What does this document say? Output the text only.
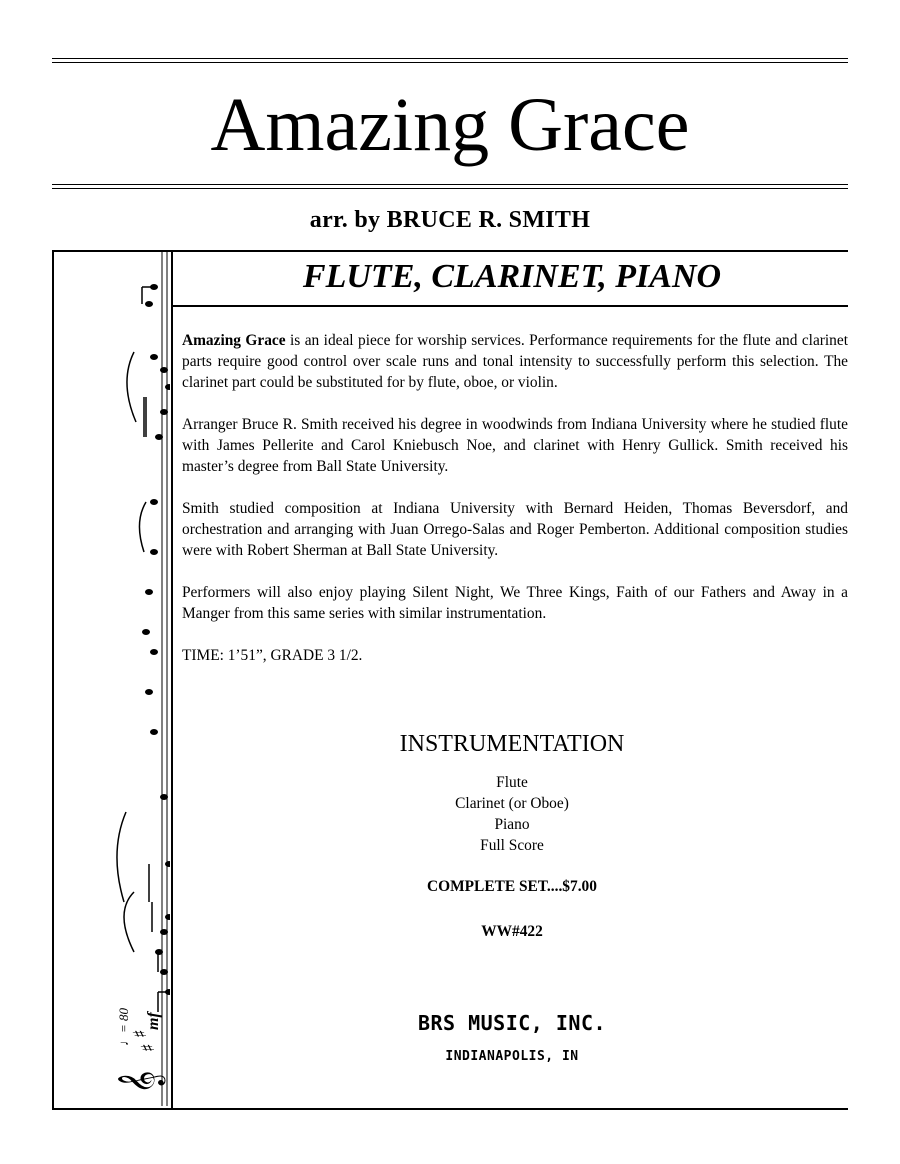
Amazing Grace
arr. by BRUCE R. SMITH
FLUTE, CLARINET, PIANO
𝄞
♯
♯
♩= 80 mf

Amazing Grace is an ideal piece for worship services. Performance requirements for the flute and clarinet parts require good control over scale runs and tonal intensity to successfully perform this selection. The clarinet part could be substituted for by flute, oboe, or violin.

Arranger Bruce R. Smith received his degree in woodwinds from Indiana University where he studied flute with James Pellerite and Carol Kniebusch Noe, and clarinet with Henry Gullick. Smith received his master’s degree from Ball State University.

Smith studied composition at Indiana University with Bernard Heiden, Thomas Beversdorf, and orchestration and arranging with Juan Orrego-Salas and Roger Pemberton. Additional composition studies were with Robert Sherman at Ball State University.

Performers will also enjoy playing Silent Night, We Three Kings, Faith of our Fathers and Away in a Manger from this same series with similar instrumentation.

TIME: 1’51”, GRADE 3 1/2.

INSTRUMENTATION
Flute
Clarinet (or Oboe)
Piano
Full Score
COMPLETE SET....$7.00
WW#422
BRS MUSIC, INC.
INDIANAPOLIS, IN
